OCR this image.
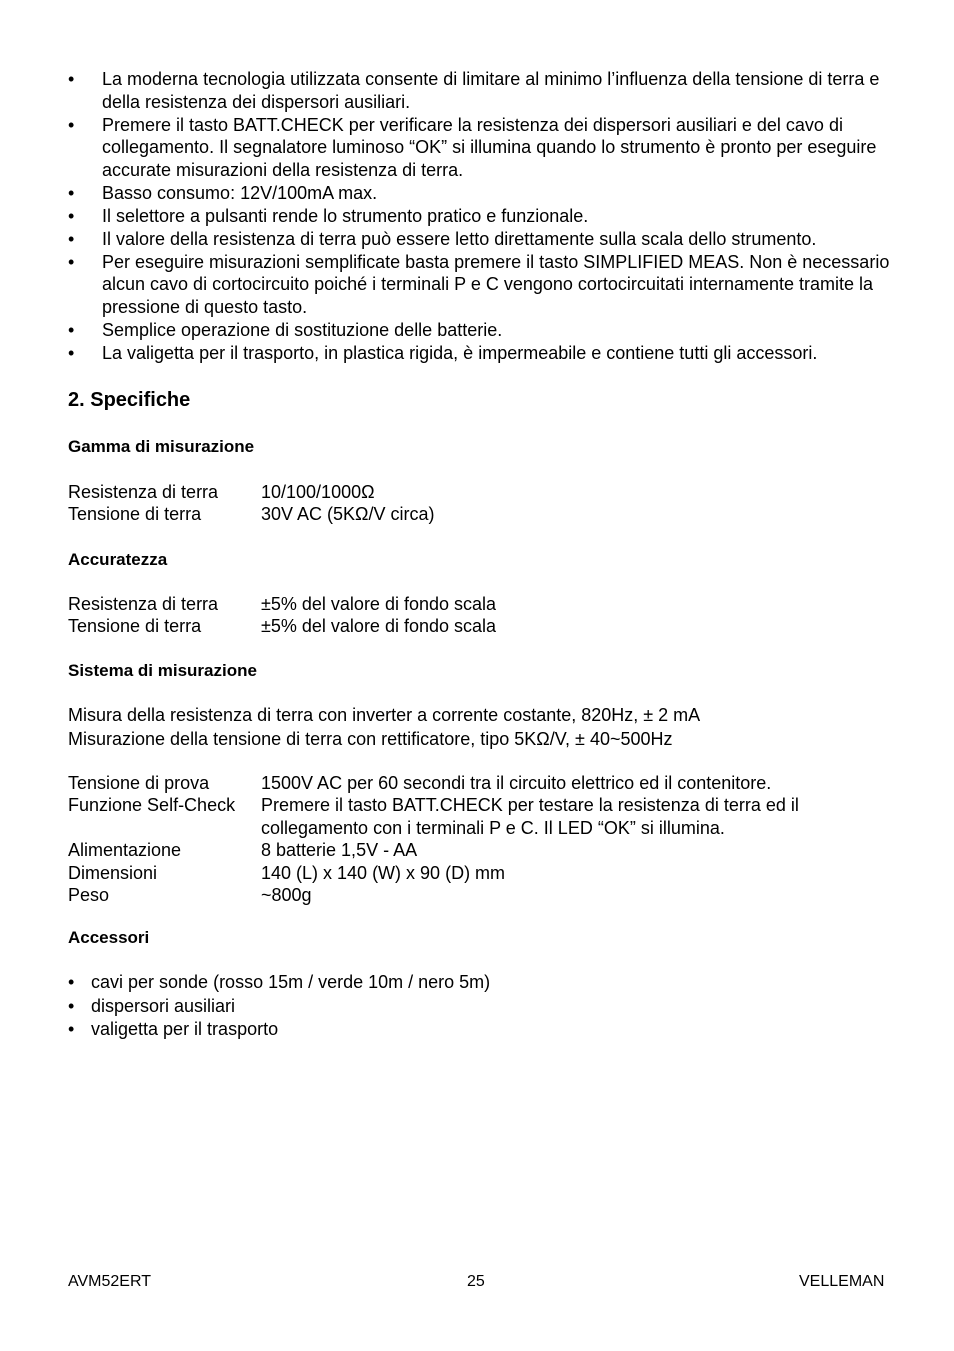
•	La moderna tecnologia utilizzata consente di limitare al minimo l’influenza della tensione di terra e della resistenza dei dispersori ausiliari.
•	Premere il tasto BATT.CHECK per verificare la resistenza dei dispersori ausiliari e del cavo di collegamento. Il segnalatore luminoso “OK” si illumina quando lo strumento è pronto per eseguire accurate misurazioni della resistenza di terra.
•	Basso consumo: 12V/100mA max.
•	Il selettore a pulsanti rende lo strumento pratico e funzionale.
•	Il valore della resistenza di terra può essere letto direttamente sulla scala dello strumento.
•	Per eseguire misurazioni semplificate basta premere il tasto SIMPLIFIED MEAS. Non è necessario alcun cavo di cortocircuito poiché i terminali P e C vengono cortocircuitati internamente tramite la pressione di questo tasto.
•	Semplice operazione di sostituzione delle batterie.
•	La valigetta per il trasporto, in plastica rigida, è impermeabile e contiene tutti gli accessori.
2. Specifiche
Gamma di misurazione
Resistenza di terra	10/100/1000Ω
Tensione di terra	30V AC (5KΩ/V circa)
Accuratezza
Resistenza di terra	±5% del valore di fondo scala
Tensione di terra	±5% del valore di fondo scala
Sistema di misurazione

Misura della resistenza di terra con inverter a corrente costante, 820Hz, ± 2 mA

Misurazione della tensione di terra con rettificatore, tipo 5KΩ/V, ± 40~500Hz

Tensione di prova	1500V AC per 60 secondi tra il circuito elettrico ed il contenitore.
Funzione Self-Check	Premere il tasto BATT.CHECK per testare la resistenza di terra ed il collegamento con i terminali P e C. Il LED “OK” si illumina.
Alimentazione	8 batterie 1,5V - AA
Dimensioni	140 (L) x 140 (W) x 90 (D) mm
Peso	~800g
Accessori
• cavi per sonde (rosso 15m / verde 10m / nero 5m)
• dispersori ausiliari
• valigetta per il trasporto
AVM52ERT	25	VELLEMAN
